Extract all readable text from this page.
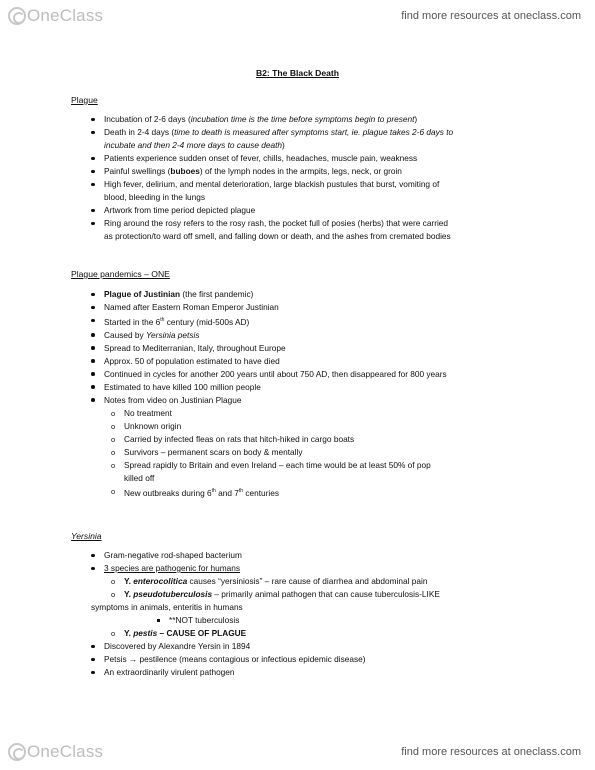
OneClass	find more resources at oneclass.com
B2: The Black Death
Plague
Incubation of 2-6 days (incubation time is the time before symptoms begin to present)
Death in 2-4 days (time to death is measured after symptoms start, ie. plague takes 2-6 days to
incubate and then 2-4 more days to cause death)
Patients experience sudden onset of fever, chills, headaches, muscle pain, weakness
Painful swellings (buboes) of the lymph nodes in the armpits, legs, neck, or groin
High fever, delirium, and mental deterioration, large blackish pustules that burst, vomiting of
blood, bleeding in the lungs
Artwork from time period depicted plague
Ring around the rosy refers to the rosy rash, the pocket full of posies (herbs) that were carried
as protection/to ward off smell, and falling down or death, and the ashes from cremated bodies
Plague pandemics – ONE
Plague of Justinian (the first pandemic)
Named after Eastern Roman Emperor Justinian
Started in the 6th century (mid-500s AD)
Caused by Yersinia petsis
Spread to Mediterranian, Italy, throughout Europe
Approx. 50 of population estimated to have died
Continued in cycles for another 200 years until about 750 AD, then disappeared for 800 years
Estimated to have killed 100 million people
Notes from video on Justinian Plague
o No treatment
o Unknown origin
o Carried by infected fleas on rats that hitch-hiked in cargo boats
o Survivors – permanent scars on body & mentally
o Spread rapidly to Britain and even Ireland – each time would be at least 50% of pop
killed off
o New outbreaks during 6th and 7th centuries
Yersinia
Gram-negative rod-shaped bacterium
3 species are pathogenic for humans
o Y. enterocolitica causes “yersiniosis” – rare cause of diarrhea and abdominal pain
o Y. pseudotuberculosis – primarily animal pathogen that can cause tuberculosis-LIKE
symptoms in animals, enteritis in humans
**NOT tuberculosis
o Y. pestis – CAUSE OF PLAGUE
Discovered by Alexandre Yersin in 1894
Petsis → pestilence (means contagious or infectious epidemic disease)
An extraordinarily virulent pathogen
OneClass	find more resources at oneclass.com
